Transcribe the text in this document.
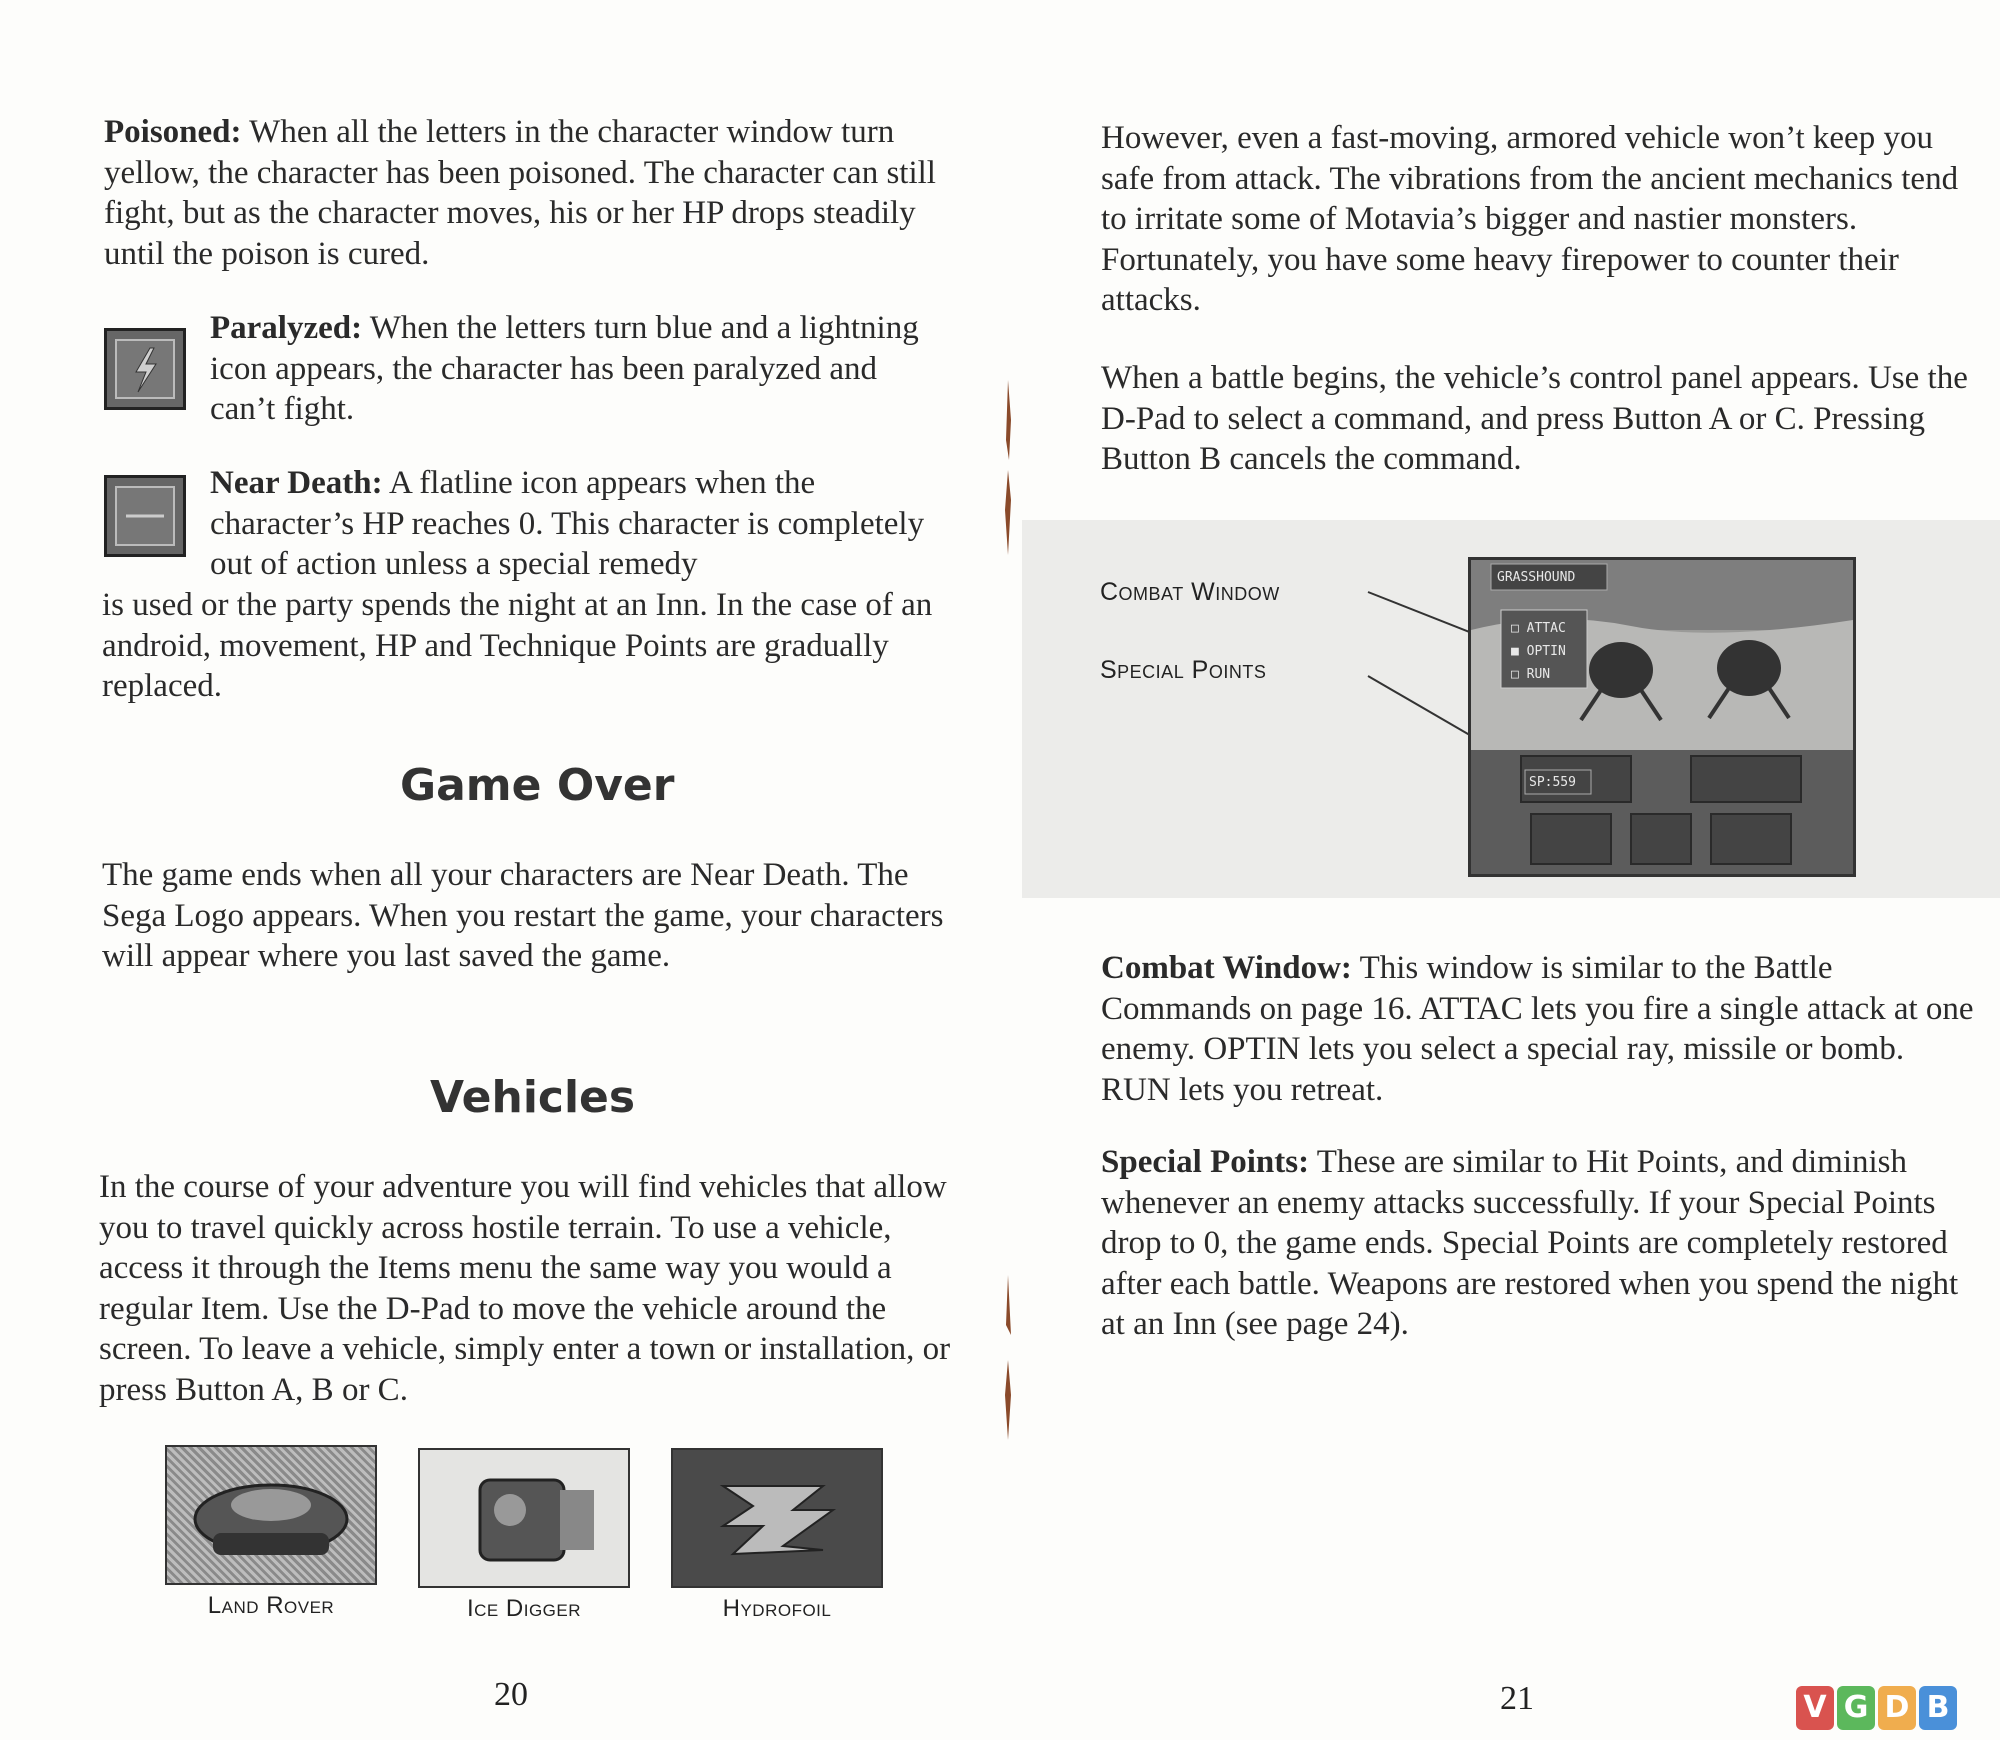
Poisoned: When all the letters in the character window turn yellow, the character has been poisoned. The character can still fight, but as the character moves, his or her HP drops steadily until the poison is cured.

Paralyzed: When the letters turn blue and a lightning icon appears, the character has been paralyzed and can’t fight.

Near Death: A flatline icon appears when the character’s HP reaches 0. This character is completely out of action unless a special remedy

is used or the party spends the night at an Inn. In the case of an android, movement, HP and Technique Points are gradually replaced.

Game Over

The game ends when all your characters are Near Death. The Sega Logo appears. When you restart the game, your characters will appear where you last saved the game.

Vehicles

In the course of your adventure you will find vehicles that allow you to travel quickly across hostile terrain. To use a vehicle, access it through the Items menu the same way you would a regular Item. Use the D-Pad to move the vehicle around the screen. To leave a vehicle, simply enter a town or installation, or press Button A, B or C.

Land Rover	Ice Digger	Hydrofoil
20

However, even a fast-moving, armored vehicle won’t keep you safe from attack. The vibrations from the ancient mechanics tend to irritate some of Motavia’s bigger and nastier monsters. Fortunately, you have some heavy firepower to counter their attacks.

When a battle begins, the vehicle’s control panel appears. Use the D-Pad to select a command, and press Button A or C. Pressing Button B cancels the command.

Combat Window
Special Points
GRASSHOUND
□ ATTAC
■ OPTIN
□ RUN
SP:559

Combat Window: This window is similar to the Battle Commands on page 16. ATTAC lets you fire a single attack at one enemy. OPTIN lets you select a special ray, missile or bomb. RUN lets you retreat.

Special Points: These are similar to Hit Points, and diminish whenever an enemy attacks successfully. If your Special Points drop to 0, the game ends. Special Points are completely restored after each battle. Weapons are restored when you spend the night at an Inn (see page 24).

21	V G D B
